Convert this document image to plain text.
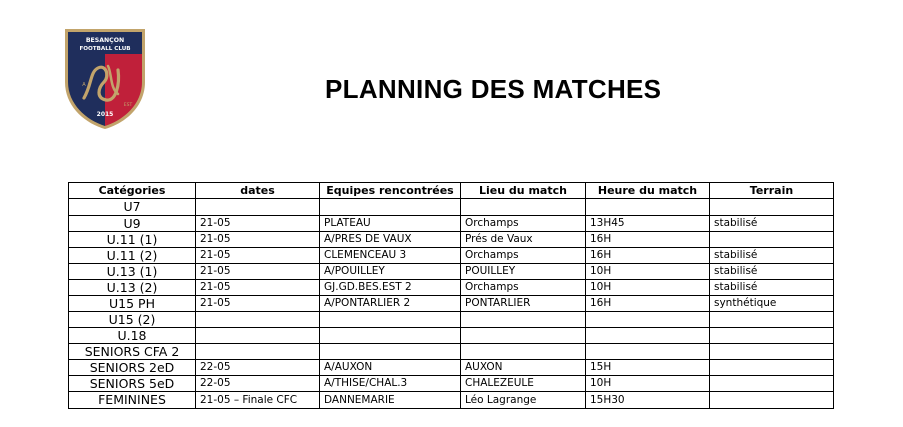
BESANÇON
FOOTBALL CLUB
A
EST
2015
PLANNING DES MATCHES
Catégories	dates	Equipes rencontrées	Lieu du match	Heure du match	Terrain
U7					
U9	21-05	PLATEAU	Orchamps	13H45	stabilisé
U.11 (1)	21-05	A/PRES DE VAUX	Prés de Vaux	16H	
U.11 (2)	21-05	CLEMENCEAU 3	Orchamps	16H	stabilisé
U.13 (1)	21-05	A/POUILLEY	POUILLEY	10H	stabilisé
U.13 (2)	21-05	GJ.GD.BES.EST 2	Orchamps	10H	stabilisé
U15 PH	21-05	A/PONTARLIER 2	PONTARLIER	16H	synthétique
U15 (2)					
U.18					
SENIORS CFA 2					
SENIORS 2eD	22-05	A/AUXON	AUXON	15H	
SENIORS 5eD	22-05	A/THISE/CHAL.3	CHALEZEULE	10H	
FEMININES	21-05 – Finale CFC	DANNEMARIE	Léo Lagrange	15H30	
